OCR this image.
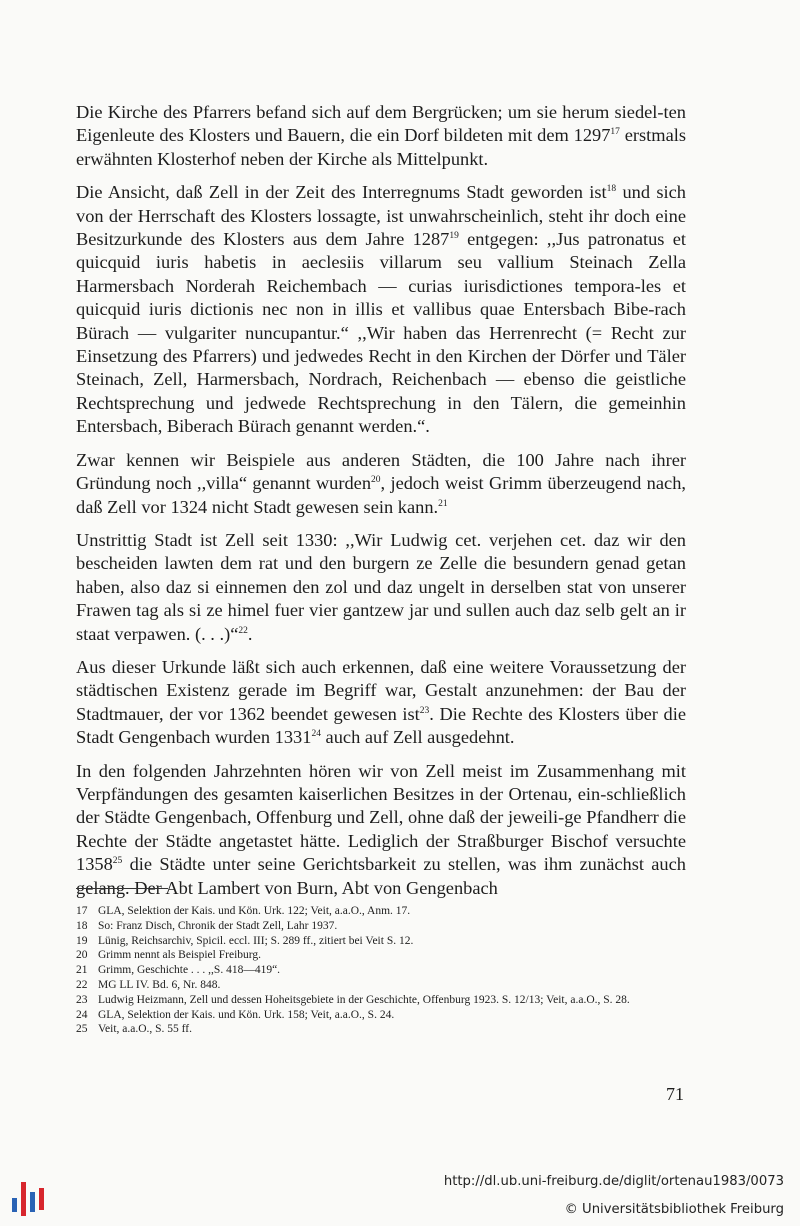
Die Kirche des Pfarrers befand sich auf dem Bergrücken; um sie herum siedel-ten Eigenleute des Klosters und Bauern, die ein Dorf bildeten mit dem 1297$^{17}$ erstmals erwähnten Klosterhof neben der Kirche als Mittelpunkt.

Die Ansicht, daß Zell in der Zeit des Interregnums Stadt geworden ist$^{18}$ und sich von der Herrschaft des Klosters lossagte, ist unwahrscheinlich, steht ihr doch eine Besitzurkunde des Klosters aus dem Jahre 1287$^{19}$ entgegen: ,,Jus patronatus et quicquid iuris habetis in aeclesiis villarum seu vallium Steinach Zella Harmersbach Norderah Reichembach — curias iurisdictiones tempora-les et quicquid iuris dictionis nec non in illis et vallibus quae Entersbach Bibe-rach Bürach — vulgariter nuncupantur.“ ,,Wir haben das Herrenrecht (= Recht zur Einsetzung des Pfarrers) und jedwedes Recht in den Kirchen der Dörfer und Täler Steinach, Zell, Harmersbach, Nordrach, Reichenbach — ebenso die geistliche Rechtsprechung und jedwede Rechtsprechung in den Tälern, die gemeinhin Entersbach, Biberach Bürach genannt werden.“.

Zwar kennen wir Beispiele aus anderen Städten, die 100 Jahre nach ihrer Gründung noch ,,villa“ genannt wurden$^{20}$, jedoch weist Grimm überzeugend nach, daß Zell vor 1324 nicht Stadt gewesen sein kann.$^{21}$

Unstrittig Stadt ist Zell seit 1330: ,,Wir Ludwig cet. verjehen cet. daz wir den bescheiden lawten dem rat und den burgern ze Zelle die besundern genad getan haben, also daz si einnemen den zol und daz ungelt in derselben stat von unserer Frawen tag als si ze himel fuer vier gantzew jar und sullen auch daz selb gelt an ir staat verpawen. (. . .)“$^{22}$.

Aus dieser Urkunde läßt sich auch erkennen, daß eine weitere Voraussetzung der städtischen Existenz gerade im Begriff war, Gestalt anzunehmen: der Bau der Stadtmauer, der vor 1362 beendet gewesen ist$^{23}$. Die Rechte des Klosters über die Stadt Gengenbach wurden 1331$^{24}$ auch auf Zell ausgedehnt.

In den folgenden Jahrzehnten hören wir von Zell meist im Zusammenhang mit Verpfändungen des gesamten kaiserlichen Besitzes in der Ortenau, ein-schließlich der Städte Gengenbach, Offenburg und Zell, ohne daß der jeweili-ge Pfandherr die Rechte der Städte angetastet hätte. Lediglich der Straßburger Bischof versuchte 1358$^{25}$ die Städte unter seine Gerichtsbarkeit zu stellen, was ihm zunächst auch gelang. Der Abt Lambert von Burn, Abt von Gengenbach

17 GLA, Selektion der Kais. und Kön. Urk. 122; Veit, a.a.O., Anm. 17.
18 So: Franz Disch, Chronik der Stadt Zell, Lahr 1937.
19 Lünig, Reichsarchiv, Spicil. eccl. III; S. 289 ff., zitiert bei Veit S. 12.
20 Grimm nennt als Beispiel Freiburg.
21 Grimm, Geschichte . . . ,,S. 418—419“.
22 MG LL IV. Bd. 6, Nr. 848.
23 Ludwig Heizmann, Zell und dessen Hoheitsgebiete in der Geschichte, Offenburg 1923. S. 12/13; Veit, a.a.O., S. 28.
24 GLA, Selektion der Kais. und Kön. Urk. 158; Veit, a.a.O., S. 24.
25 Veit, a.a.O., S. 55 ff.
71
http://dl.ub.uni-freiburg.de/diglit/ortenau1983/0073
© Universitätsbibliothek Freiburg
